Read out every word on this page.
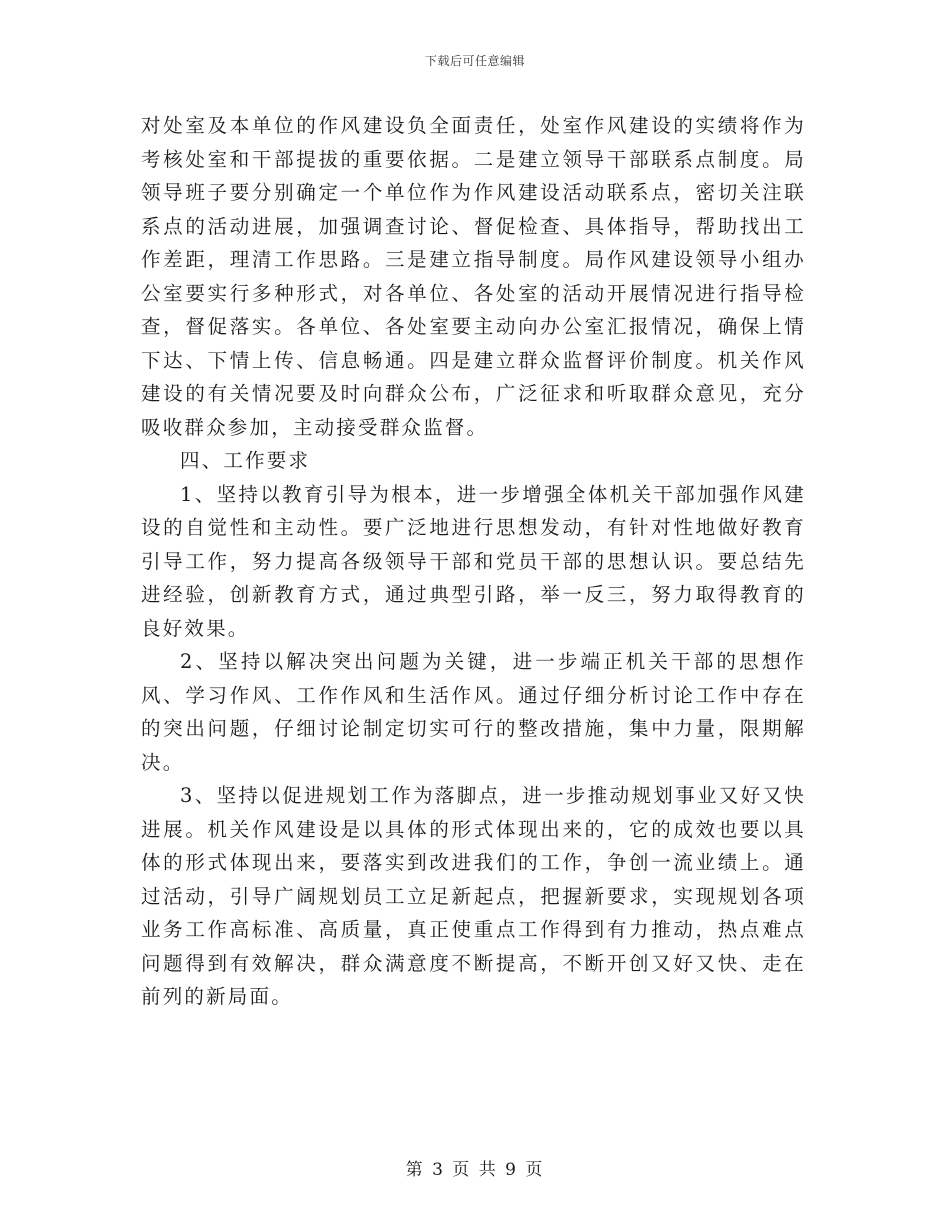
下载后可任意编辑

对处室及本单位的作风建设负全面责任，处室作风建设的实绩将作为考核处室和干部提拔的重要依据。二是建立领导干部联系点制度。局领导班子要分别确定一个单位作为作风建设活动联系点，密切关注联系点的活动进展，加强调查讨论、督促检查、具体指导，帮助找出工作差距，理清工作思路。三是建立指导制度。局作风建设领导小组办公室要实行多种形式，对各单位、各处室的活动开展情况进行指导检查，督促落实。各单位、各处室要主动向办公室汇报情况，确保上情下达、下情上传、信息畅通。四是建立群众监督评价制度。机关作风建设的有关情况要及时向群众公布，广泛征求和听取群众意见，充分吸收群众参加，主动接受群众监督。

四、工作要求

1、坚持以教育引导为根本，进一步增强全体机关干部加强作风建设的自觉性和主动性。要广泛地进行思想发动，有针对性地做好教育引导工作，努力提高各级领导干部和党员干部的思想认识。要总结先进经验，创新教育方式，通过典型引路，举一反三，努力取得教育的良好效果。

2、坚持以解决突出问题为关键，进一步端正机关干部的思想作风、学习作风、工作作风和生活作风。通过仔细分析讨论工作中存在的突出问题，仔细讨论制定切实可行的整改措施，集中力量，限期解决。

3、坚持以促进规划工作为落脚点，进一步推动规划事业又好又快进展。机关作风建设是以具体的形式体现出来的，它的成效也要以具体的形式体现出来，要落实到改进我们的工作，争创一流业绩上。通过活动，引导广阔规划员工立足新起点，把握新要求，实现规划各项业务工作高标准、高质量，真正使重点工作得到有力推动，热点难点问题得到有效解决，群众满意度不断提高，不断开创又好又快、走在前列的新局面。

第 3 页 共 9 页
